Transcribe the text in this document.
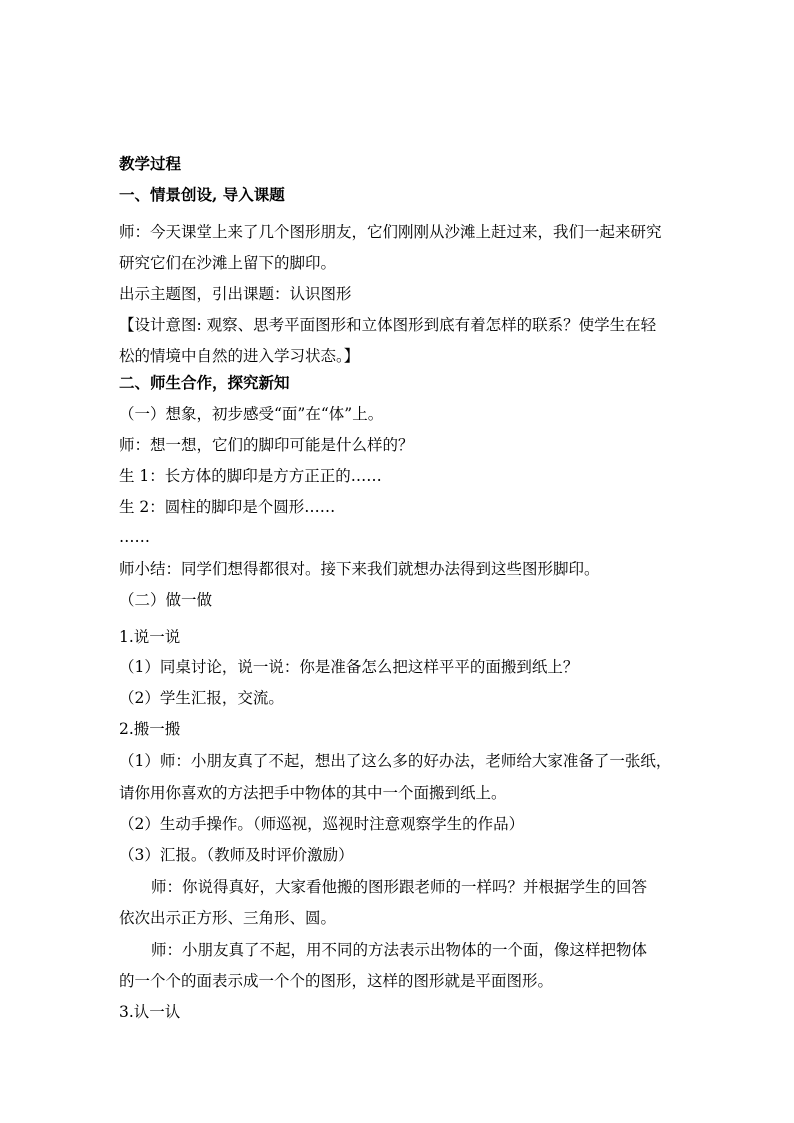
教学过程
一、情景创设, 导入课题
师：今天课堂上来了几个图形朋友，它们刚刚从沙滩上赶过来，我们一起来研究
研究它们在沙滩上留下的脚印。
出示主题图，引出课题：认识图形
【设计意图: 观察、思考平面图形和立体图形到底有着怎样的联系？使学生在轻
松的情境中自然的进入学习状态。】
二、师生合作，探究新知
（一）想象，初步感受“面”在“体”上。
师：想一想，它们的脚印可能是什么样的？
生 1：长方体的脚印是方方正正的……
生 2：圆柱的脚印是个圆形……
……
师小结：同学们想得都很对。接下来我们就想办法得到这些图形脚印。
（二）做一做
1.说一说
（1）同桌讨论，说一说：你是准备怎么把这样平平的面搬到纸上？
（2）学生汇报，交流。
2.搬一搬
（1）师：小朋友真了不起，想出了这么多的好办法，老师给大家准备了一张纸，
请你用你喜欢的方法把手中物体的其中一个面搬到纸上。
（2）生动手操作。（师巡视，巡视时注意观察学生的作品）
（3）汇报。（教师及时评价激励）
师：你说得真好，大家看他搬的图形跟老师的一样吗？并根据学生的回答
依次出示正方形、三角形、圆。
师：小朋友真了不起，用不同的方法表示出物体的一个面，像这样把物体
的一个个的面表示成一个个的图形，这样的图形就是平面图形。
3.认一认
